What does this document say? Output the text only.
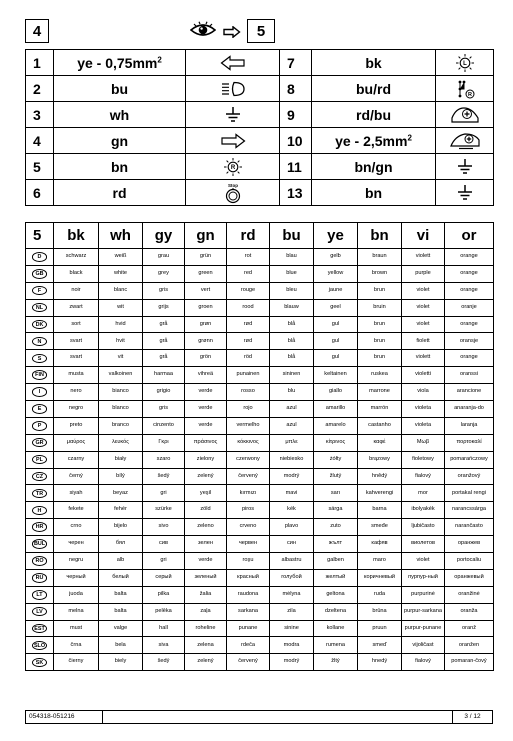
4	5
1	ye - $0,75mm^2$		7	bk	L

2	bu		8	bu/rd	R

3	wh		9	rd/bu	

4	gn		10	ye - $2,5mm^2$	

5	bn	R	11	bn/gn	

6	rd	Stop	13	bn	
5	bk	wh	gy	gn	rd	bu	ye	bn	vi	or
D	schwarz	weiß	grau	grün	rot	blau	gelb	braun	violett	orange
GB	black	white	grey	green	red	blue	yellow	brown	purple	orange
F	noir	blanc	gris	vert	rouge	bleu	jaune	brun	violet	orange
NL	zwart	wit	grijs	groen	rood	blauw	geel	bruin	violet	oranje
DK	sort	hvid	grå	grøn	rød	blå	gul	brun	violet	orange
N	svart	hvit	grå	grønn	rød	blå	gul	brun	fiolett	oransje
S	svart	vit	grå	grön	röd	blå	gul	brun	violett	orange
FIN	musta	valkoinen	harmaa	vihreä	punainen	sininen	keltainen	ruskea	violetti	oranssi
I	nero	bianco	grigio	verde	rosso	blu	giallo	marrone	viola	arancione
E	negro	blanco	gris	verde	rojo	azul	amarillo	marrón	violeta	anaranja-do
P	preto	branco	cinzento	verde	vermelho	azul	amarelo	castanho	violeta	laranja
GR	μαύρος	λευκός	Γκρι	πράσινος	κόκκινος	μπλε	κίτρινος	καφέ	Μωβ	πορτοκαλί
PL	czarny	biały	szaro	zielony	czerwony	niebiesko	żółty	brązowy	fioletowy	pomarańczowy
CZ	černý	bílý	šedý	zelený	červený	modrý	žlutý	hnědý	fialový	oranžový
TR	siyah	beyaz	gri	yeşil	kırmızı	mavi	sarı	kahverengi	mor	portakal rengi
H	fekete	fehér	szürke	zöld	piros	kék	sárga	barna	ibolyakék	narancssárga
HR	crno	bijelo	sivo	zeleno	crveno	plavo	zuto	smeđe	ljubičasto	narančasto
BUL	черен	бял	сив	зелен	червен	син	жълт	кафяв	виолетов	оранжев
RO	negru	alb	gri	verde	roşu	albastru	galben	maro	violet	portocaliu
RU	черный	белый	серый	зеленый	красный	голубой	желтый	коричневый	пурпур-ный	оранжевый
LT	juoda	balta	pilka	žalia	raudona	mėlyna	geltona	ruda	purpurinė	oranžinė
LV	melna	balta	pelēka	zaļa	sarkana	zila	dzeltena	brūna	purpur-sarkana	oranža
EST	must	valge	hall	roheline	punane	sinine	kollane	pruun	purpur-punane	oranž
SLO	črna	bela	siva	zelena	rdeča	modra	rumena	smeď	vijoličast	oranžen
SK	čierny	biely	šedý	zelený	červený	modrý	žltý	hnedý	fialový	pomaran-čový
054318-051216	3 / 12
